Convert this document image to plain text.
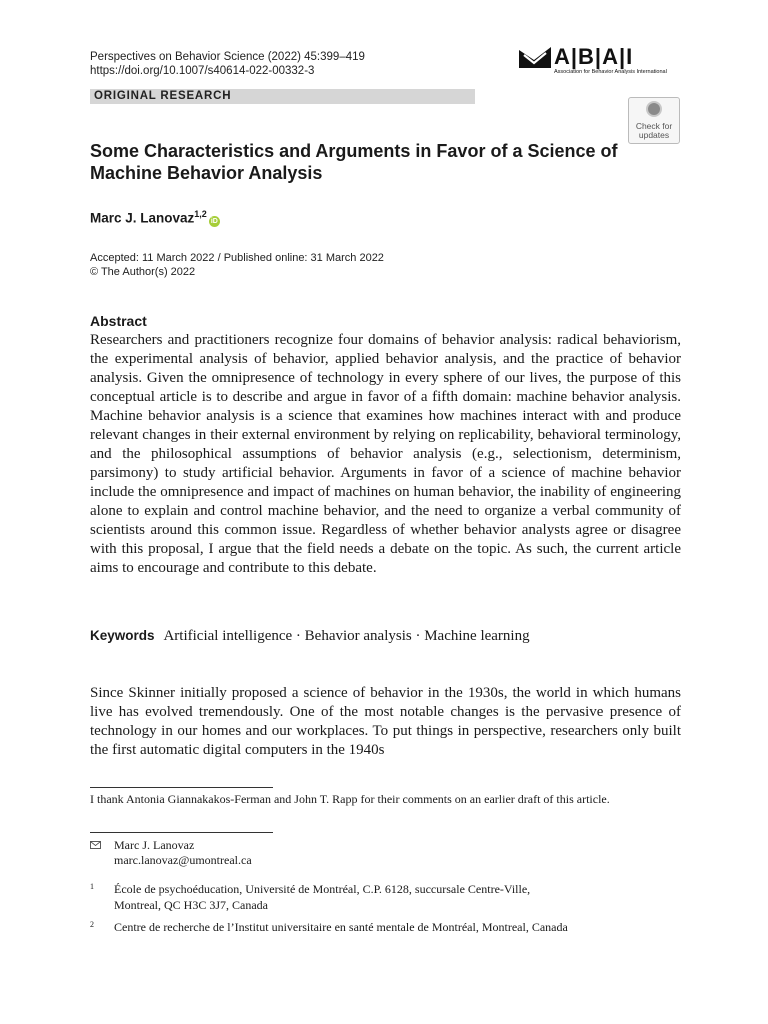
Perspectives on Behavior Science (2022) 45:399–419
https://doi.org/10.1007/s40614-022-00332-3
A|B|A|I
Association for Behavior Analysis International
ORIGINAL RESEARCH
Check for
updates
Some Characteristics and Arguments in Favor of a Science of Machine Behavior Analysis
Marc J. Lanovaz$^{1,2}$iD
Accepted: 11 March 2022 / Published online: 31 March 2022
© The Author(s) 2022
Abstract
Researchers and practitioners recognize four domains of behavior analysis: radical behaviorism, the experimental analysis of behavior, applied behavior analysis, and the practice of behavior analysis. Given the omnipresence of technology in every sphere of our lives, the purpose of this conceptual article is to describe and argue in favor of a fifth domain: machine behavior analysis. Machine behavior analysis is a science that examines how machines interact with and produce relevant changes in their external environment by relying on replicability, behavioral terminology, and the philosophical assumptions of behavior analysis (e.g., selectionism, determinism, parsimony) to study artificial behavior. Arguments in favor of a science of machine behavior include the omnipresence and impact of machines on human behavior, the inability of engineering alone to explain and control machine behavior, and the need to organize a verbal community of scientists around this common issue. Regardless of whether behavior analysts agree or disagree with this proposal, I argue that the field needs a debate on the topic. As such, the current article aims to encourage and contribute to this debate.
Keywords Artificial intelligence · Behavior analysis · Machine learning
Since Skinner initially proposed a science of behavior in the 1930s, the world in which humans live has evolved tremendously. One of the most notable changes is the pervasive presence of technology in our homes and our workplaces. To put things in perspective, researchers only built the first automatic digital computers in the 1940s
I thank Antonia Giannakakos-Ferman and John T. Rapp for their comments on an earlier draft of this article.
Marc J. Lanovaz
marc.lanovaz@umontreal.ca
1 École de psychoéducation, Université de Montréal, C.P. 6128, succursale Centre-Ville,
Montreal, QC H3C 3J7, Canada
2 Centre de recherche de l’Institut universitaire en santé mentale de Montréal, Montreal, Canada
